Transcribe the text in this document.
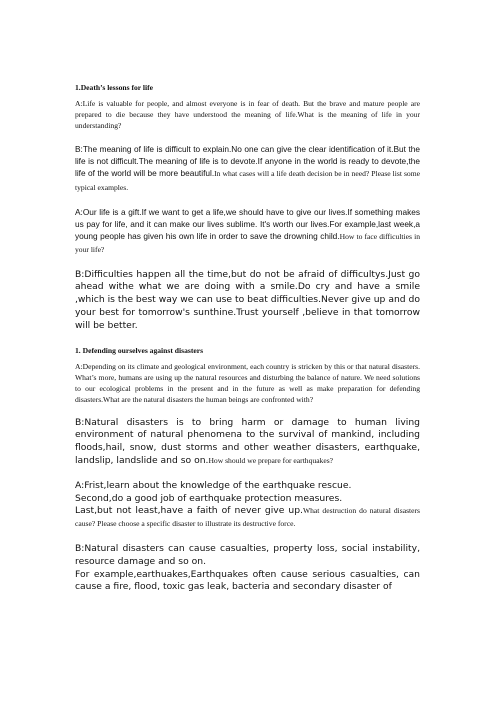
1.Death’s lessons for life

A:Life is valuable for people, and almost everyone is in fear of death. But the brave and mature people are prepared to die because they have understood the meaning of life.What is the meaning of life in your understanding?

B:The meaning of life is difficult to explain.No one can give the clear identification of it.But the life is not difficult.The meaning of life is to devote.If anyone in the world is ready to devote,the life of the world will be more beautiful.In what cases will a life death decision be in need? Please list some typical examples.

A:Our life is a gift.If we want to get a life,we should have to give our lives.If something makes us pay for life, and it can make our lives sublime. It's worth our lives.For example,last week,a young people has given his own life in order to save the drowning child.How to face difficulties in your life?

B:Difficulties happen all the time,but do not be afraid of difficultys.Just go ahead withe what we are doing with a smile.Do cry and have a smile ,which is the best way we can use to beat difficulties.Never give up and do your best for tomorrow's sunthine.Trust yourself ,believe in that tomorrow will be better.

1. Defending ourselves against disasters

A:Depending on its climate and geological environment, each country is stricken by this or that natural disasters. What’s more, humans are using up the natural resources and disturbing the balance of nature. We need solutions to our ecological problems in the present and in the future as well as make preparation for defending disasters.What are the natural disasters the human beings are confronted with?

B:Natural disasters is to bring harm or damage to human living environment of natural phenomena to the survival of mankind, including floods,hail, snow, dust storms and other weather disasters, earthquake, landslip, landslide and so on.How should we prepare for earthquakes?

A:Frist,learn about the knowledge of the earthquake rescue.

Second,do a good job of earthquake protection measures.

Last,but not least,have a faith of never give up.What destruction do natural disasters cause? Please choose a specific disaster to illustrate its destructive force.

B:Natural disasters can cause casualties, property loss, social instability, resource damage and so on.

For example,earthuakes,Earthquakes often cause serious casualties, can cause a fire, flood, toxic gas leak, bacteria and secondary disaster of
